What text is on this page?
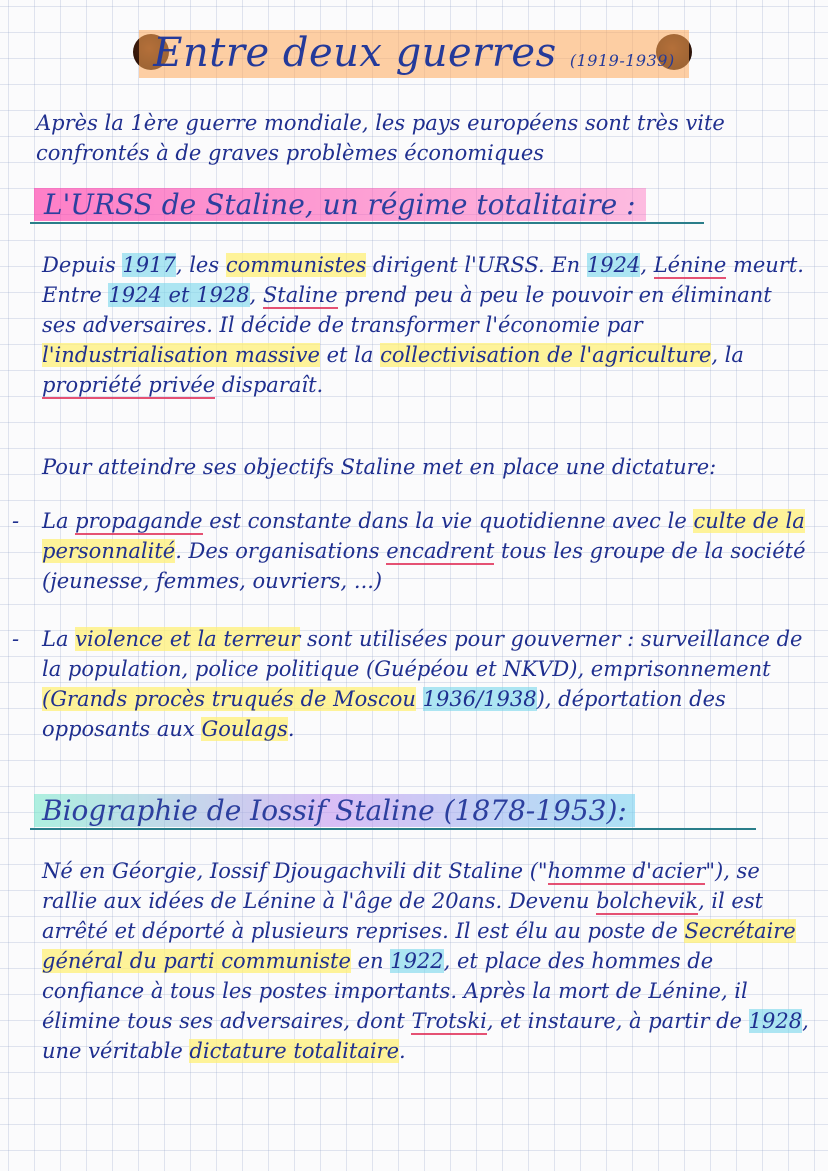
Entre deux guerres (1919-1939)
Après la 1ère guerre mondiale, les pays européens sont très vite confrontés à de graves problèmes économiques
L'URSS de Staline, un régime totalitaire :
Depuis 1917, les communistes dirigent l'URSS. En 1924, Lénine meurt. Entre 1924 et 1928, Staline prend peu à peu le pouvoir en éliminant ses adversaires. Il décide de transformer l'économie par l'industrialisation massive et la collectivisation de l'agriculture, la propriété privée disparaît.
Pour atteindre ses objectifs Staline met en place une dictature:
- La propagande est constante dans la vie quotidienne avec le culte de la personnalité. Des organisations encadrent tous les groupe de la société (jeunesse, femmes, ouvriers, ...)
- La violence et la terreur sont utilisées pour gouverner : surveillance de la population, police politique (Guépéou et NKVD), emprisonnement (Grands procès truqués de Moscou 1936/1938), déportation des opposants aux Goulags.
Biographie de Iossif Staline (1878-1953):
Né en Géorgie, Iossif Djougachvili dit Staline ("homme d'acier"), se rallie aux idées de Lénine à l'âge de 20ans. Devenu bolchevik, il est arrêté et déporté à plusieurs reprises. Il est élu au poste de Secrétaire général du parti communiste en 1922, et place des hommes de confiance à tous les postes importants. Après la mort de Lénine, il élimine tous ses adversaires, dont Trotski, et instaure, à partir de 1928, une véritable dictature totalitaire.
